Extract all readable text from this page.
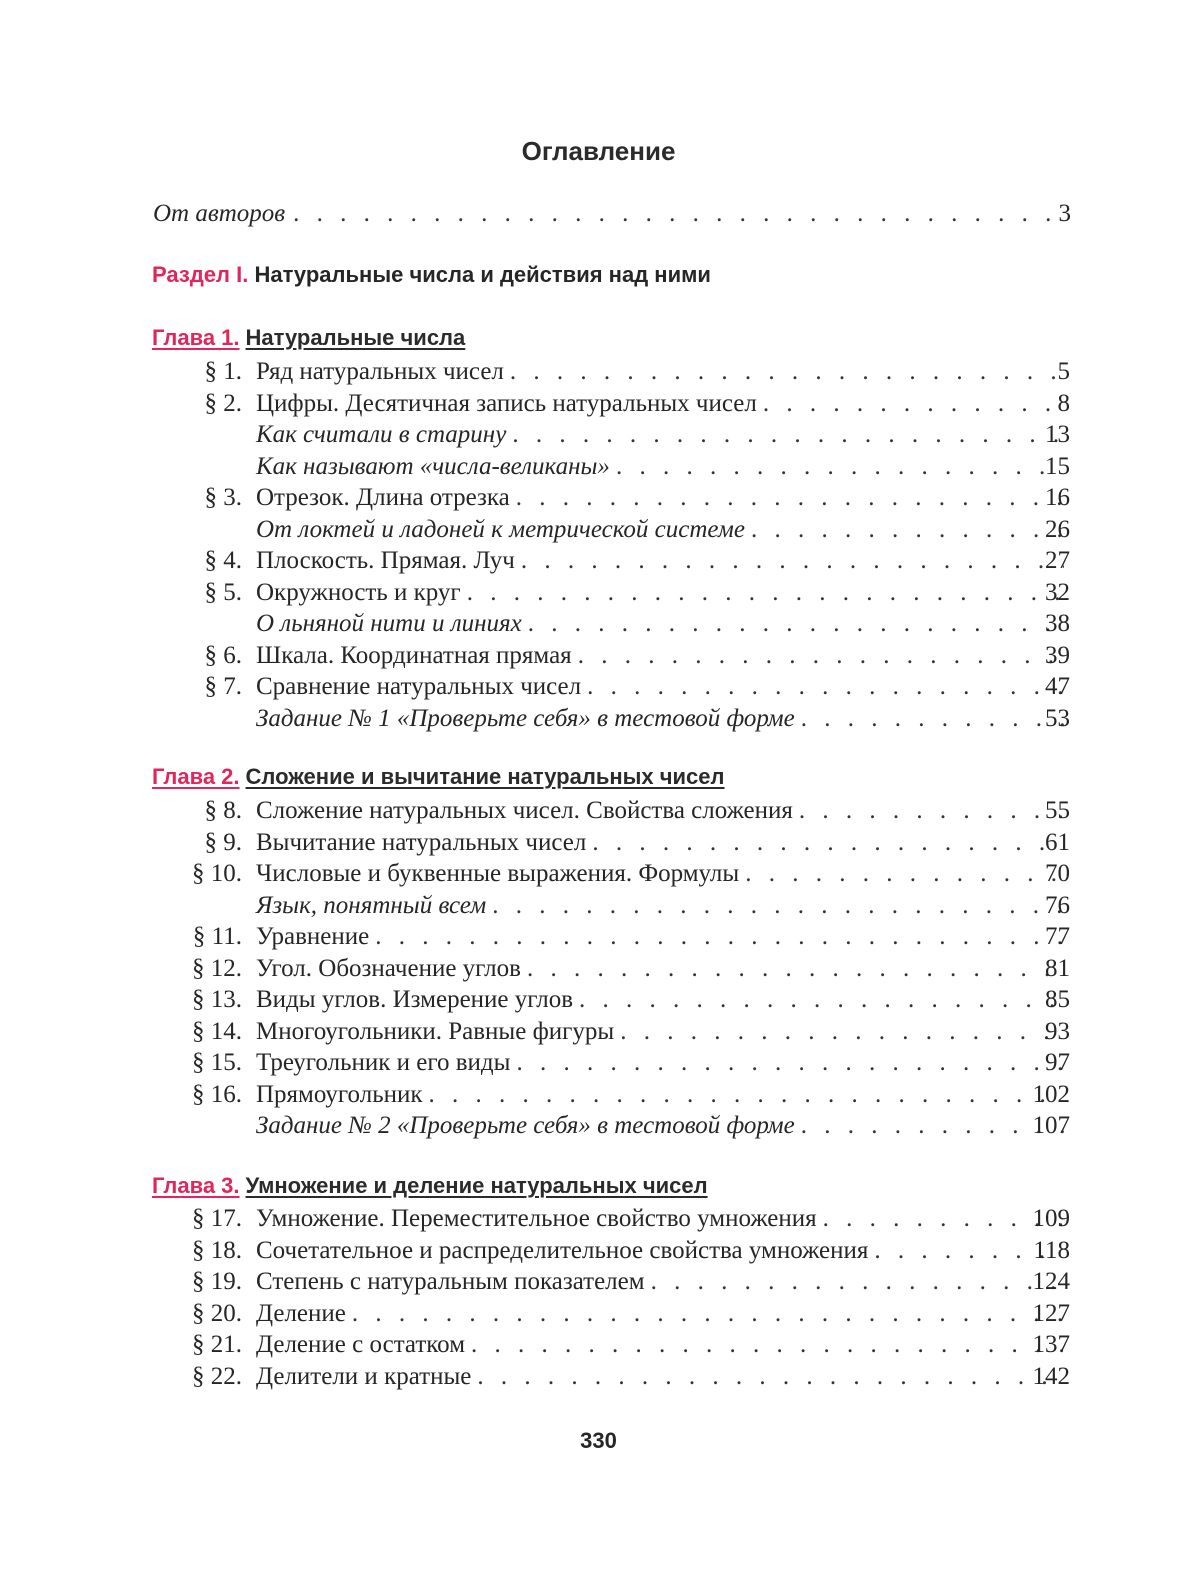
Оглавление
От авторов . . .	3
Раздел I. Натуральные числа и действия над ними
Глава 1. Натуральные числа
§ 1. Ряд натуральных чисел . . .	5
§ 2. Цифры. Десятичная запись натуральных чисел . . .	8
Как считали в старину . . .	13
Как называют «числа-великаны» . . .	15
§ 3. Отрезок. Длина отрезка . . .	16
От локтей и ладоней к метрической системе . . .	26
§ 4. Плоскость. Прямая. Луч . . .	27
§ 5. Окружность и круг . . .	32
О льняной нити и линиях . . .	38
§ 6. Шкала. Координатная прямая . . .	39
§ 7. Сравнение натуральных чисел . . .	47
Задание № 1 «Проверьте себя» в тестовой форме . . .	53
Глава 2. Сложение и вычитание натуральных чисел
§ 8. Сложение натуральных чисел. Свойства сложения . . .	55
§ 9. Вычитание натуральных чисел . . .	61
§ 10. Числовые и буквенные выражения. Формулы . . .	70
Язык, понятный всем . . .	76
§ 11. Уравнение . . .	77
§ 12. Угол. Обозначение углов . . .	81
§ 13. Виды углов. Измерение углов . . .	85
§ 14. Многоугольники. Равные фигуры . . .	93
§ 15. Треугольник и его виды . . .	97
§ 16. Прямоугольник . . .	102
Задание № 2 «Проверьте себя» в тестовой форме . . .	107
Глава 3. Умножение и деление натуральных чисел
§ 17. Умножение. Переместительное свойство умножения . . .	109
§ 18. Сочетательное и распределительное свойства умножения . . .	118
§ 19. Степень с натуральным показателем . . .	124
§ 20. Деление . . .	127
§ 21. Деление с остатком . . .	137
§ 22. Делители и кратные . . .	142
330
